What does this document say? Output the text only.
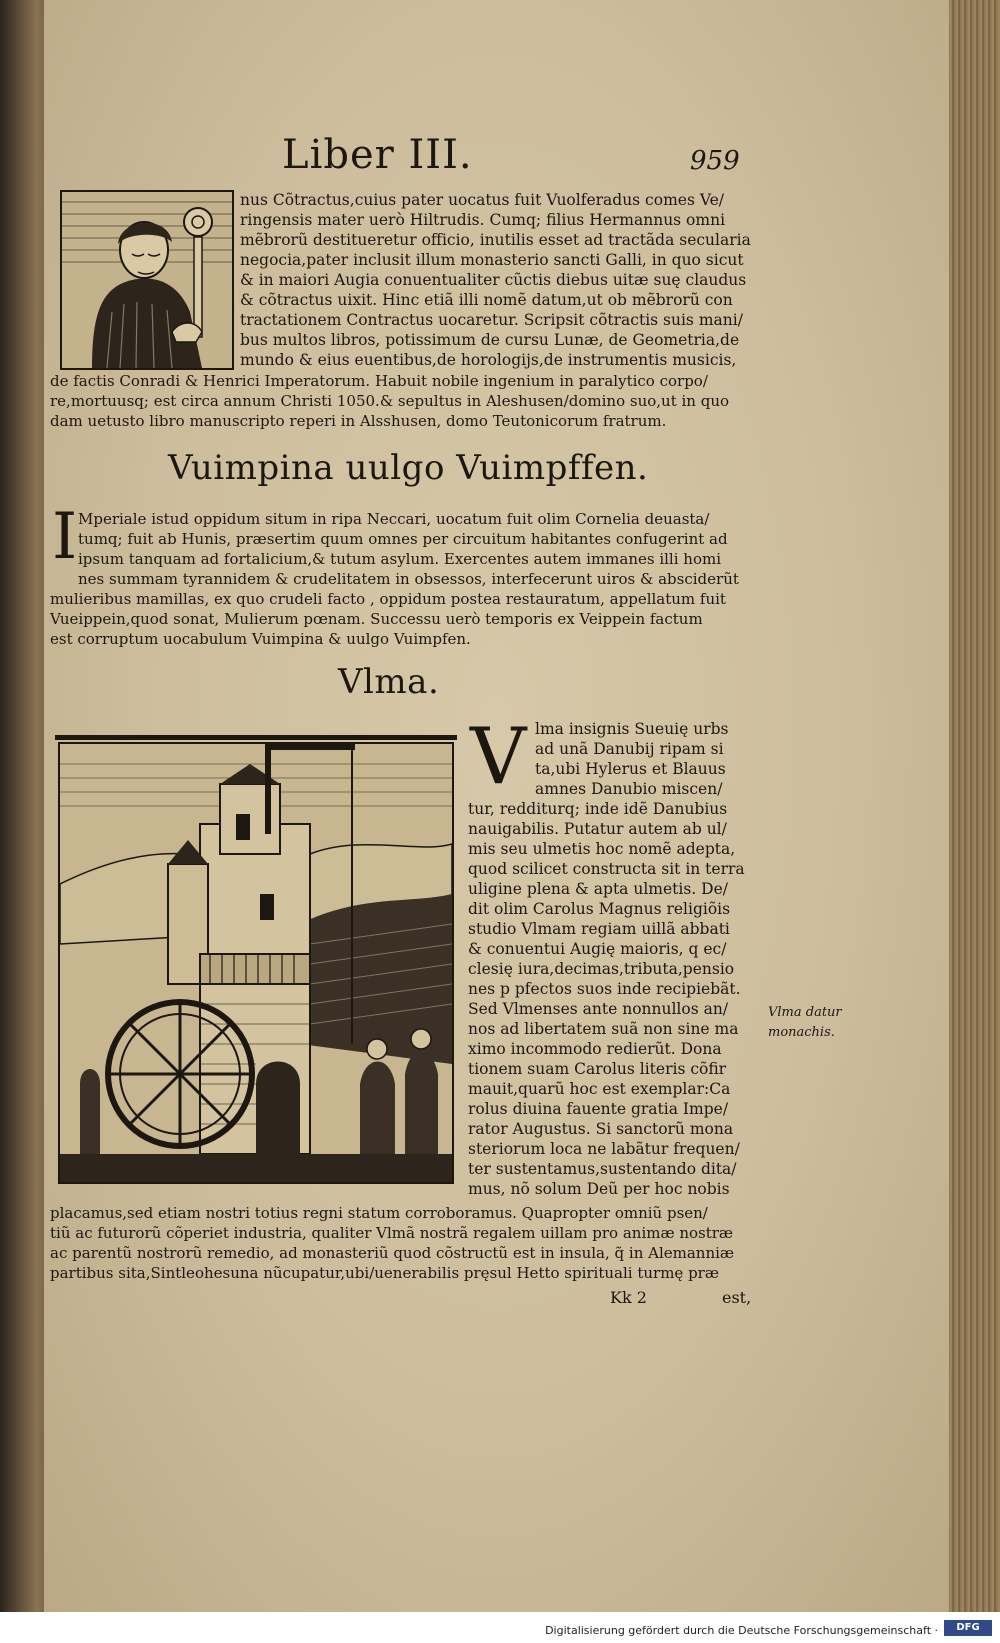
Liber III.	959
nus Cõtractus,cuius pater uocatus fuit Vuolferadus comes Ve/
ringensis mater uerò Hiltrudis. Cumq; filius Hermannus omni
mẽbrorũ destitueretur officio, inutilis esset ad tractãda secularia
negocia,pater inclusit illum monasterio sancti Galli, in quo sicut
& in maiori Augia conuentualiter cũctis diebus uitæ suę claudus
& cõtractus uixit. Hinc etiã illi nomẽ datum,ut ob mẽbrorũ con
tractationem Contractus uocaretur. Scripsit cõtractis suis mani/
bus multos libros, potissimum de cursu Lunæ, de Geometria,de
mundo & eius euentibus,de horologijs,de instrumentis musicis,
de factis Conradi & Henrici Imperatorum. Habuit nobile ingenium in paralytico corpo/
re,mortuusq; est circa annum Christi 1050.& sepultus in Aleshusen/domino suo,ut in quo
dam uetusto libro manuscripto reperi in Alsshusen, domo Teutonicorum fratrum.
Vuimpina uulgo Vuimpffen.
I Mperiale istud oppidum situm in ripa Neccari, uocatum fuit olim Cornelia deuasta/
tumq; fuit ab Hunis, præsertim quum omnes per circuitum habitantes confugerint ad
ipsum tanquam ad fortalicium,& tutum asylum. Exercentes autem immanes illi homi
nes summam tyrannidem & crudelitatem in obsessos, interfecerunt uiros & absciderũt
mulieribus mamillas, ex quo crudeli facto , oppidum postea restauratum, appellatum fuit
Vueippein,quod sonat, Mulierum pœnam. Successu uerò temporis ex Veippein factum
est corruptum uocabulum Vuimpina & uulgo Vuimpfen.
Vlma.
V lma insignis Sueuię urbs
ad unã Danubij ripam si
ta,ubi Hylerus et Blauus
amnes Danubio miscen/
tur, redditurq; inde idẽ Danubius
nauigabilis. Putatur autem ab ul/
mis seu ulmetis hoc nomẽ adepta,
quod scilicet constructa sit in terra
uligine plena & apta ulmetis. De/
dit olim Carolus Magnus religiõis
studio Vlmam regiam uillã abbati
& conuentui Augię maioris, q ec/
clesię iura,decimas,tributa,pensio
nes p pfectos suos inde recipiebãt.
Sed Vlmenses ante nonnullos an/
nos ad libertatem suã non sine ma
ximo incommodo redierũt. Dona
tionem suam Carolus literis cõfir
mauit,quarũ hoc est exemplar:Ca
rolus diuina fauente gratia Impe/
rator Augustus. Si sanctorũ mona
steriorum loca ne labãtur frequen/
ter sustentamus,sustentando dita/
mus, nõ solum Deũ per hoc nobis
Vlma datur
monachis.
placamus,sed etiam nostri totius regni statum corroboramus. Quapropter omniũ psen/
tiũ ac futurorũ cõperiet industria, qualiter Vlmã nostrã regalem uillam pro animæ nostræ
ac parentũ nostrorũ remedio, ad monasteriũ quod cõstructũ est in insula, q̃ in Alemanniæ
partibus sita,Sintleohesuna nũcupatur,ubi/uenerabilis pręsul Hetto spirituali turmę præ
Kk 2	est,
Digitalisierung gefördert durch die Deutsche Forschungsgemeinschaft ·	DFG
